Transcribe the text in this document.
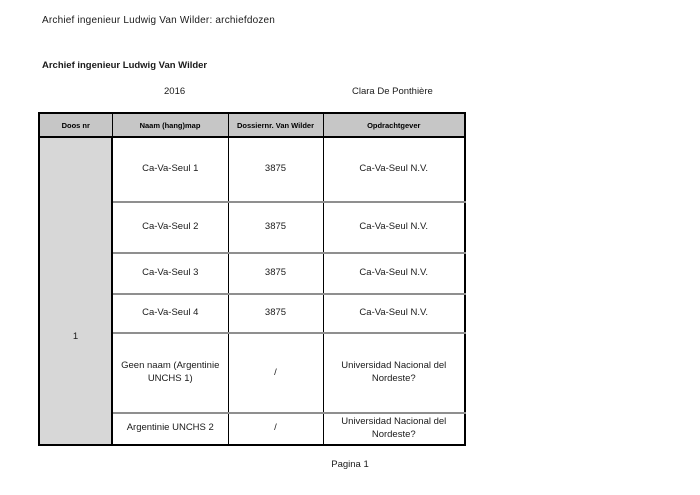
Archief ingenieur Ludwig Van Wilder: archiefdozen
Archief ingenieur Ludwig Van Wilder
2016	Clara De Ponthière
Doos nr	Naam (hang)map	Dossiernr. Van Wilder	Opdrachtgever
1	Ca-Va-Seul 1	3875	Ca-Va-Seul N.V.
	Ca-Va-Seul 2	3875	Ca-Va-Seul N.V.
	Ca-Va-Seul 3	3875	Ca-Va-Seul N.V.
	Ca-Va-Seul 4	3875	Ca-Va-Seul N.V.
	Geen naam (Argentinie UNCHS 1)	/	Universidad Nacional del Nordeste?
	Argentinie UNCHS 2	/	Universidad Nacional del Nordeste?
Pagina 1
